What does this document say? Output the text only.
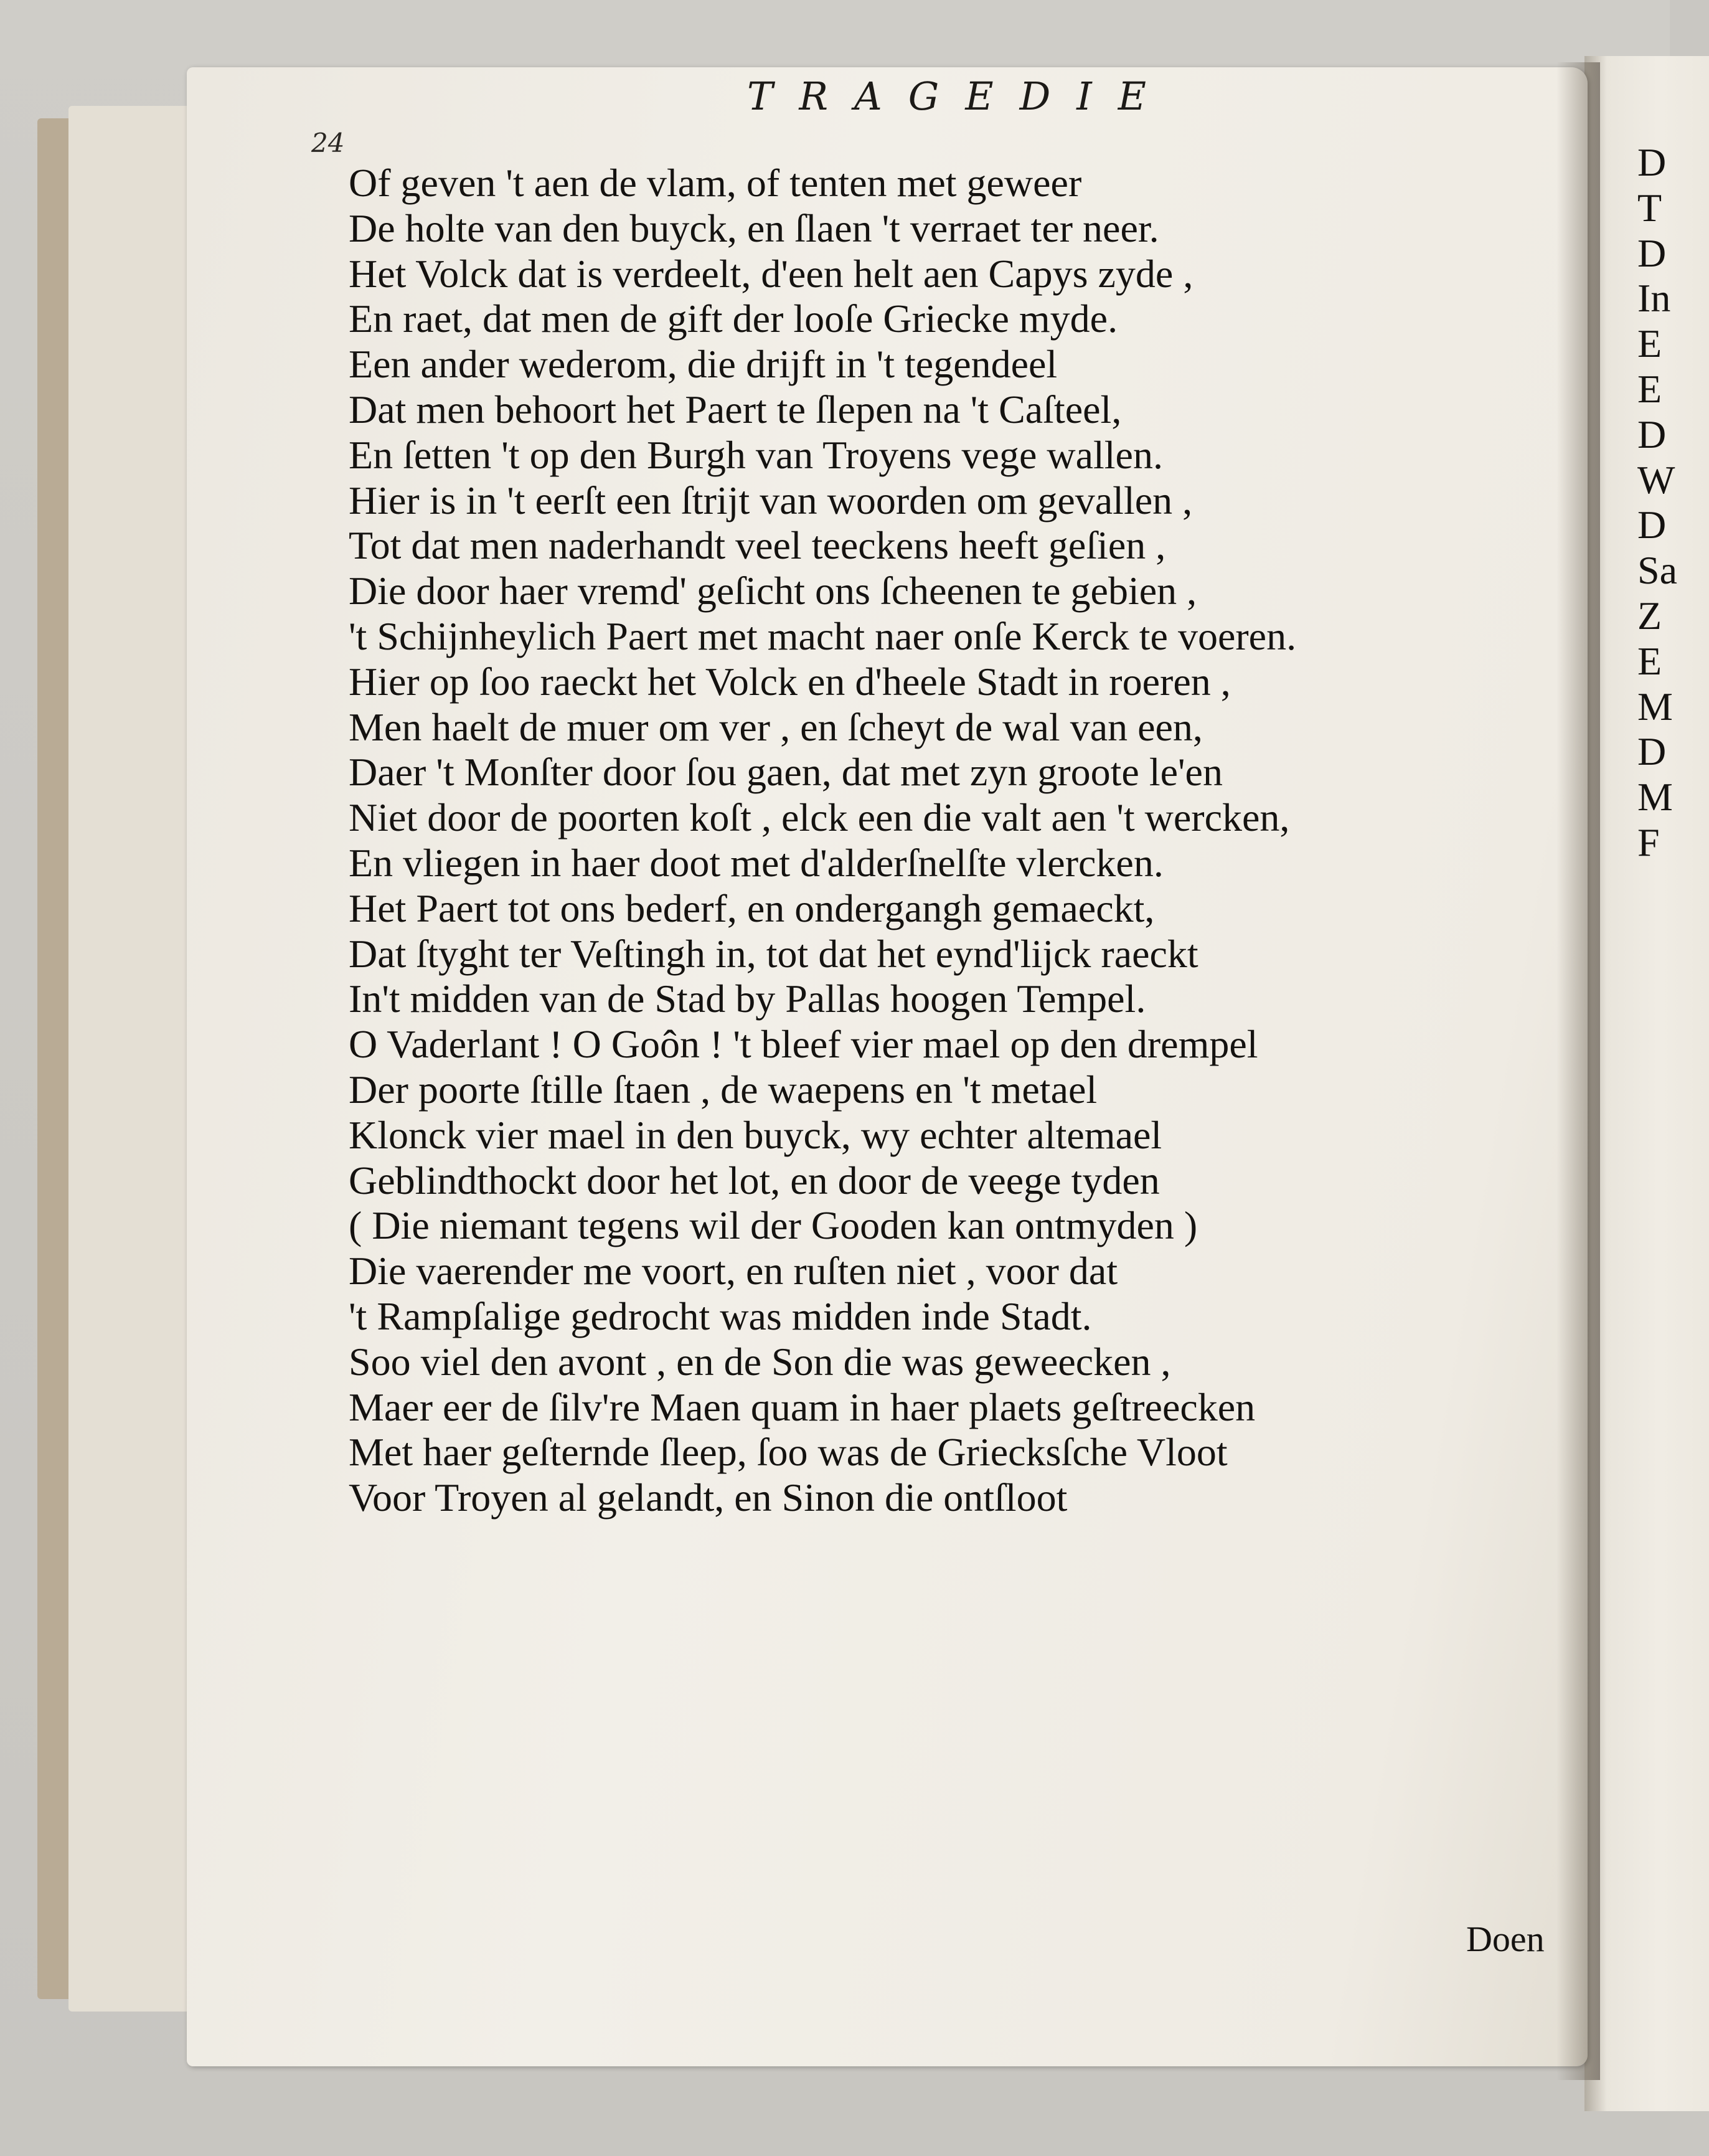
TRAGEDIE
24
Of geven 't aen de vlam, of tenten met geweer
De holte van den buyck, en ſlaen 't verraet ter neer.
Het Volck dat is verdeelt, d'een helt aen Capys zyde ,
En raet, dat men de gift der looſe Griecke myde.
Een ander wederom, die drijft in 't tegendeel
Dat men behoort het Paert te ſlepen na 't Caſteel,
En ſetten 't op den Burgh van Troyens vege wallen.
Hier is in 't eerſt een ſtrijt van woorden om gevallen ,
Tot dat men naderhandt veel teeckens heeft geſien ,
Die door haer vremd' geſicht ons ſcheenen te gebien ,
't Schijnheylich Paert met macht naer onſe Kerck te voeren.
Hier op ſoo raeckt het Volck en d'heele Stadt in roeren ,
Men haelt de muer om ver , en ſcheyt de wal van een,
Daer 't Monſter door ſou gaen, dat met zyn groote le'en
Niet door de poorten koſt , elck een die valt aen 't wercken,
En vliegen in haer doot met d'alderſnelſte vlercken.
Het Paert tot ons bederf, en ondergangh gemaeckt,
Dat ſtyght ter Veſtingh in, tot dat het eynd'lijck raeckt
In't midden van de Stad by Pallas hoogen Tempel.
O Vaderlant ! O Goôn ! 't bleef vier mael op den drempel
Der poorte ſtille ſtaen , de waepens en 't metael
Klonck vier mael in den buyck, wy echter altemael
Geblindthockt door het lot, en door de veege tyden
( Die niemant tegens wil der Gooden kan ontmyden )
Die vaerender me voort, en ruſten niet , voor dat
't Rampſalige gedrocht was midden inde Stadt.
Soo viel den avont , en de Son die was geweecken ,
Maer eer de ſilv're Maen quam in haer plaets geſtreecken
Met haer geſternde ſleep, ſoo was de Griecksſche Vloot
Voor Troyen al gelandt, en Sinon die ontſloot
Doen
D
T
D
In
E
E
D
W
D
Sa
Z
E
M
D
M
F
